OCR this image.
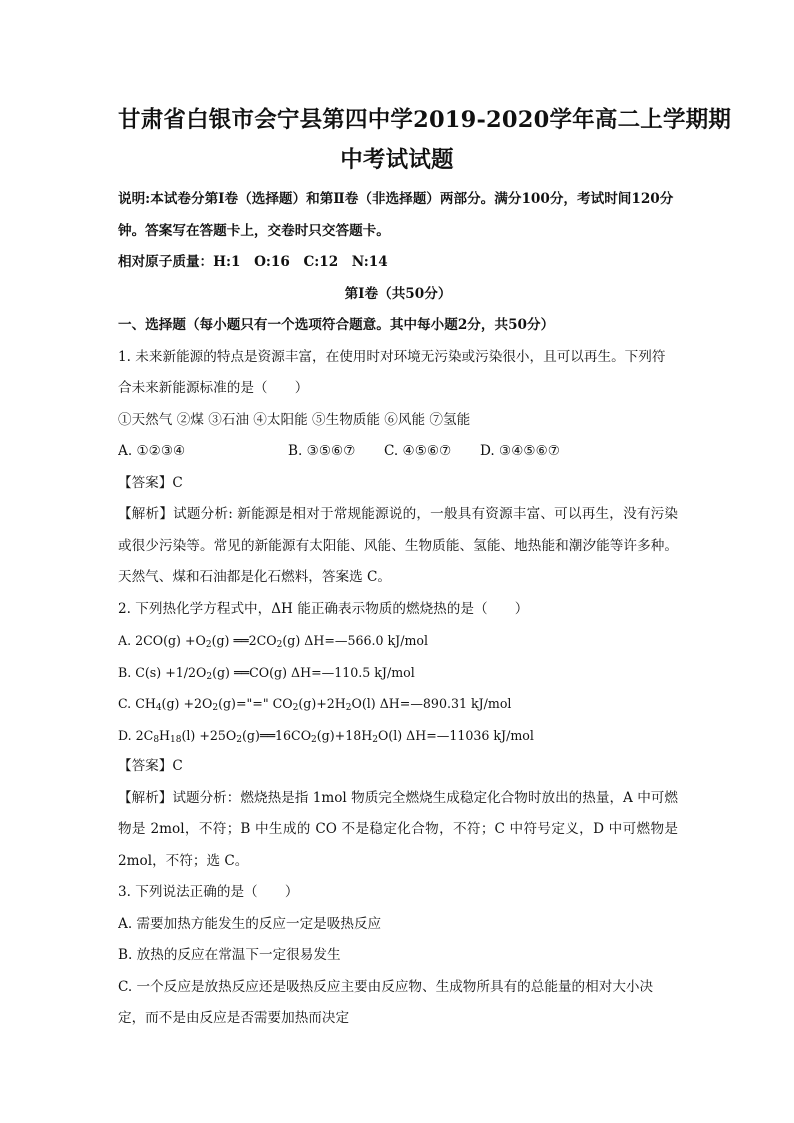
甘肃省白银市会宁县第四中学2019-2020学年高二上学期期
中考试试题
说明:本试卷分第Ⅰ卷（选择题）和第Ⅱ卷（非选择题）两部分。满分100分，考试时间120分钟。答案写在答题卡上，交卷时只交答题卡。
相对原子质量：H:1　O:16　C:12　N:14
第Ⅰ卷（共50分）
一、选择题（每小题只有一个选项符合题意。其中每小题2分，共50分）
1. 未来新能源的特点是资源丰富，在使用时对环境无污染或污染很小，且可以再生。下列符合未来新能源标准的是（　　）
①天然气 ②煤 ③石油 ④太阳能 ⑤生物质能 ⑥风能 ⑦氢能
A. ①②③④	B. ③⑤⑥⑦ C. ④⑤⑥⑦ D. ③④⑤⑥⑦
【答案】C
【解析】试题分析: 新能源是相对于常规能源说的，一般具有资源丰富、可以再生，没有污染或很少污染等。常见的新能源有太阳能、风能、生物质能、氢能、地热能和潮汐能等许多种。天然气、煤和石油都是化石燃料，答案选 C。
2. 下列热化学方程式中，ΔH 能正确表示物质的燃烧热的是（　　）
A. $2CO(g) +O_2(g)$ $══2CO_2(g)$ ΔH=—566.0 kJ/mol
B. $C(s) +1/2O_2(g)$ ══CO(g) ΔH=—110.5 kJ/mol
C. $CH_4(g)$ $+2O_2(g)="=$" $CO_2(g)+2H_2O(l)$ ΔH=—890.31 kJ/mol
D. $2C_8H_{18}(l)$ $+25O_2(g)══16CO_2(g)+18H_2O(l)$ ΔH=—11036 kJ/mol
【答案】C
【解析】试题分析：燃烧热是指 1mol 物质完全燃烧生成稳定化合物时放出的热量，A 中可燃物是 2mol，不符；B 中生成的 CO 不是稳定化合物，不符；C 中符号定义，D 中可燃物是 2mol，不符；选 C。
3. 下列说法正确的是（　　）
A. 需要加热方能发生的反应一定是吸热反应
B. 放热的反应在常温下一定很易发生
C. 一个反应是放热反应还是吸热反应主要由反应物、生成物所具有的总能量的相对大小决定，而不是由反应是否需要加热而决定
